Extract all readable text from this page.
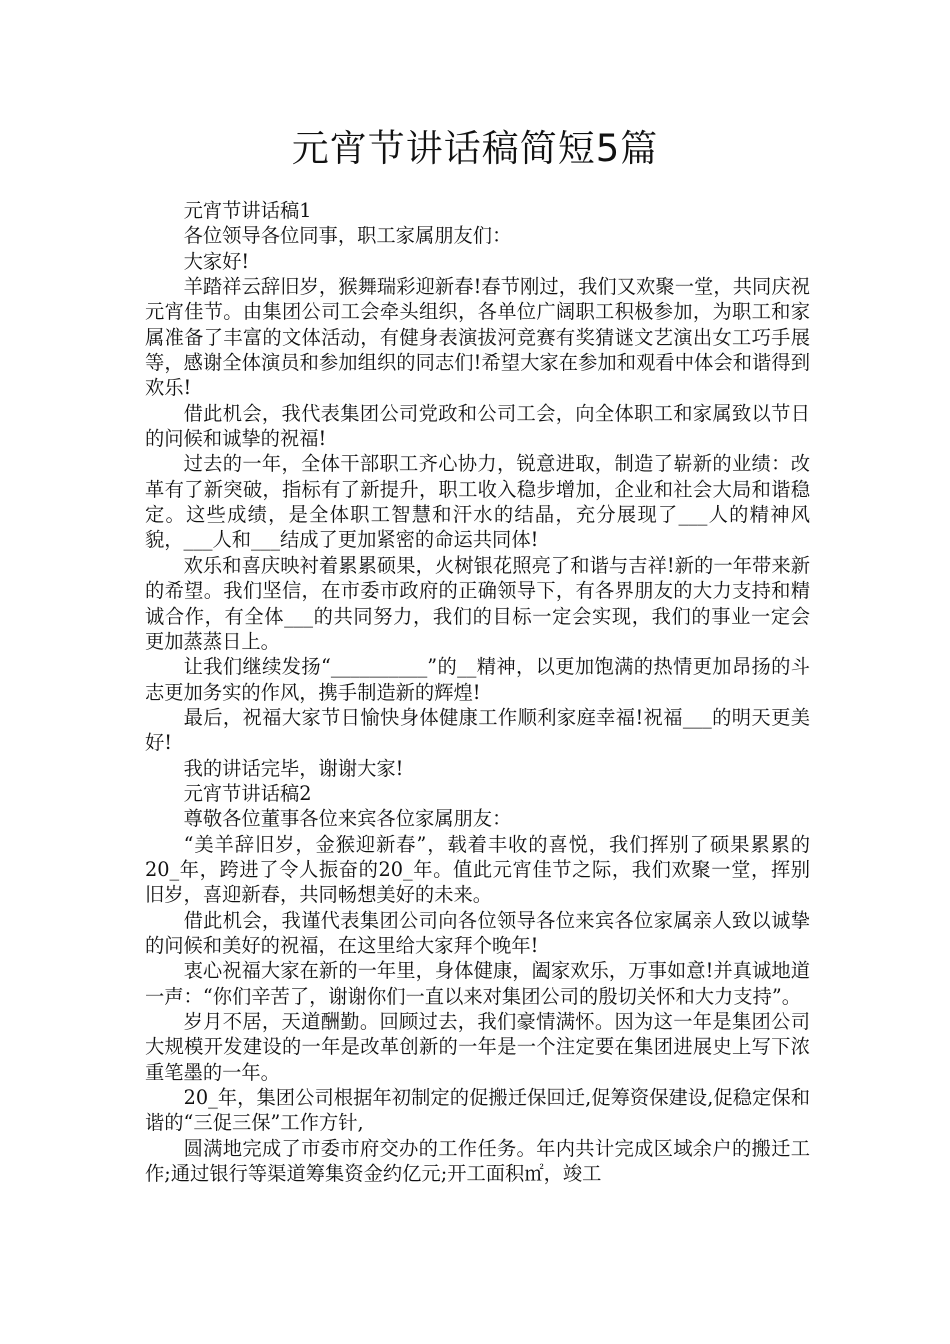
元宵节讲话稿简短5篇

元宵节讲话稿1

各位领导各位同事，职工家属朋友们：

大家好!

羊踏祥云辞旧岁，猴舞瑞彩迎新春!春节刚过，我们又欢聚一堂，共同庆祝元宵佳节。由集团公司工会牵头组织，各单位广阔职工积极参加，为职工和家属准备了丰富的文体活动，有健身表演拔河竞赛有奖猜谜文艺演出女工巧手展等，感谢全体演员和参加组织的同志们!希望大家在参加和观看中体会和谐得到欢乐!

借此机会，我代表集团公司党政和公司工会，向全体职工和家属致以节日的问候和诚挚的祝福!

过去的一年，全体干部职工齐心协力，锐意进取，制造了崭新的业绩：改革有了新突破，指标有了新提升，职工收入稳步增加，企业和社会大局和谐稳定。这些成绩，是全体职工智慧和汗水的结晶，充分展现了___人的精神风貌，___人和___结成了更加紧密的命运共同体!

欢乐和喜庆映衬着累累硕果，火树银花照亮了和谐与吉祥!新的一年带来新的希望。我们坚信，在市委市政府的正确领导下，有各界朋友的大力支持和精诚合作，有全体___的共同努力，我们的目标一定会实现，我们的事业一定会更加蒸蒸日上。

让我们继续发扬“__________”的__精神，以更加饱满的热情更加昂扬的斗志更加务实的作风，携手制造新的辉煌!

最后，祝福大家节日愉快身体健康工作顺利家庭幸福!祝福___的明天更美好!

我的讲话完毕，谢谢大家!

元宵节讲话稿2

尊敬各位董事各位来宾各位家属朋友：

“美羊辞旧岁，金猴迎新春”，载着丰收的喜悦，我们挥别了硕果累累的20_年，跨进了令人振奋的20_年。值此元宵佳节之际，我们欢聚一堂，挥别旧岁，喜迎新春，共同畅想美好的未来。

借此机会，我谨代表集团公司向各位领导各位来宾各位家属亲人致以诚挚的问候和美好的祝福，在这里给大家拜个晚年!

衷心祝福大家在新的一年里，身体健康，阖家欢乐，万事如意!并真诚地道一声：“你们辛苦了，谢谢你们一直以来对集团公司的殷切关怀和大力支持”。

岁月不居，天道酬勤。回顾过去，我们豪情满怀。因为这一年是集团公司大规模开发建设的一年是改革创新的一年是一个注定要在集团进展史上写下浓重笔墨的一年。

20_年，集团公司根据年初制定的促搬迁保回迁,促筹资保建设,促稳定保和谐的“三促三保”工作方针,

圆满地完成了市委市府交办的工作任务。年内共计完成区域余户的搬迁工作;通过银行等渠道筹集资金约亿元;开工面积㎡，竣工
